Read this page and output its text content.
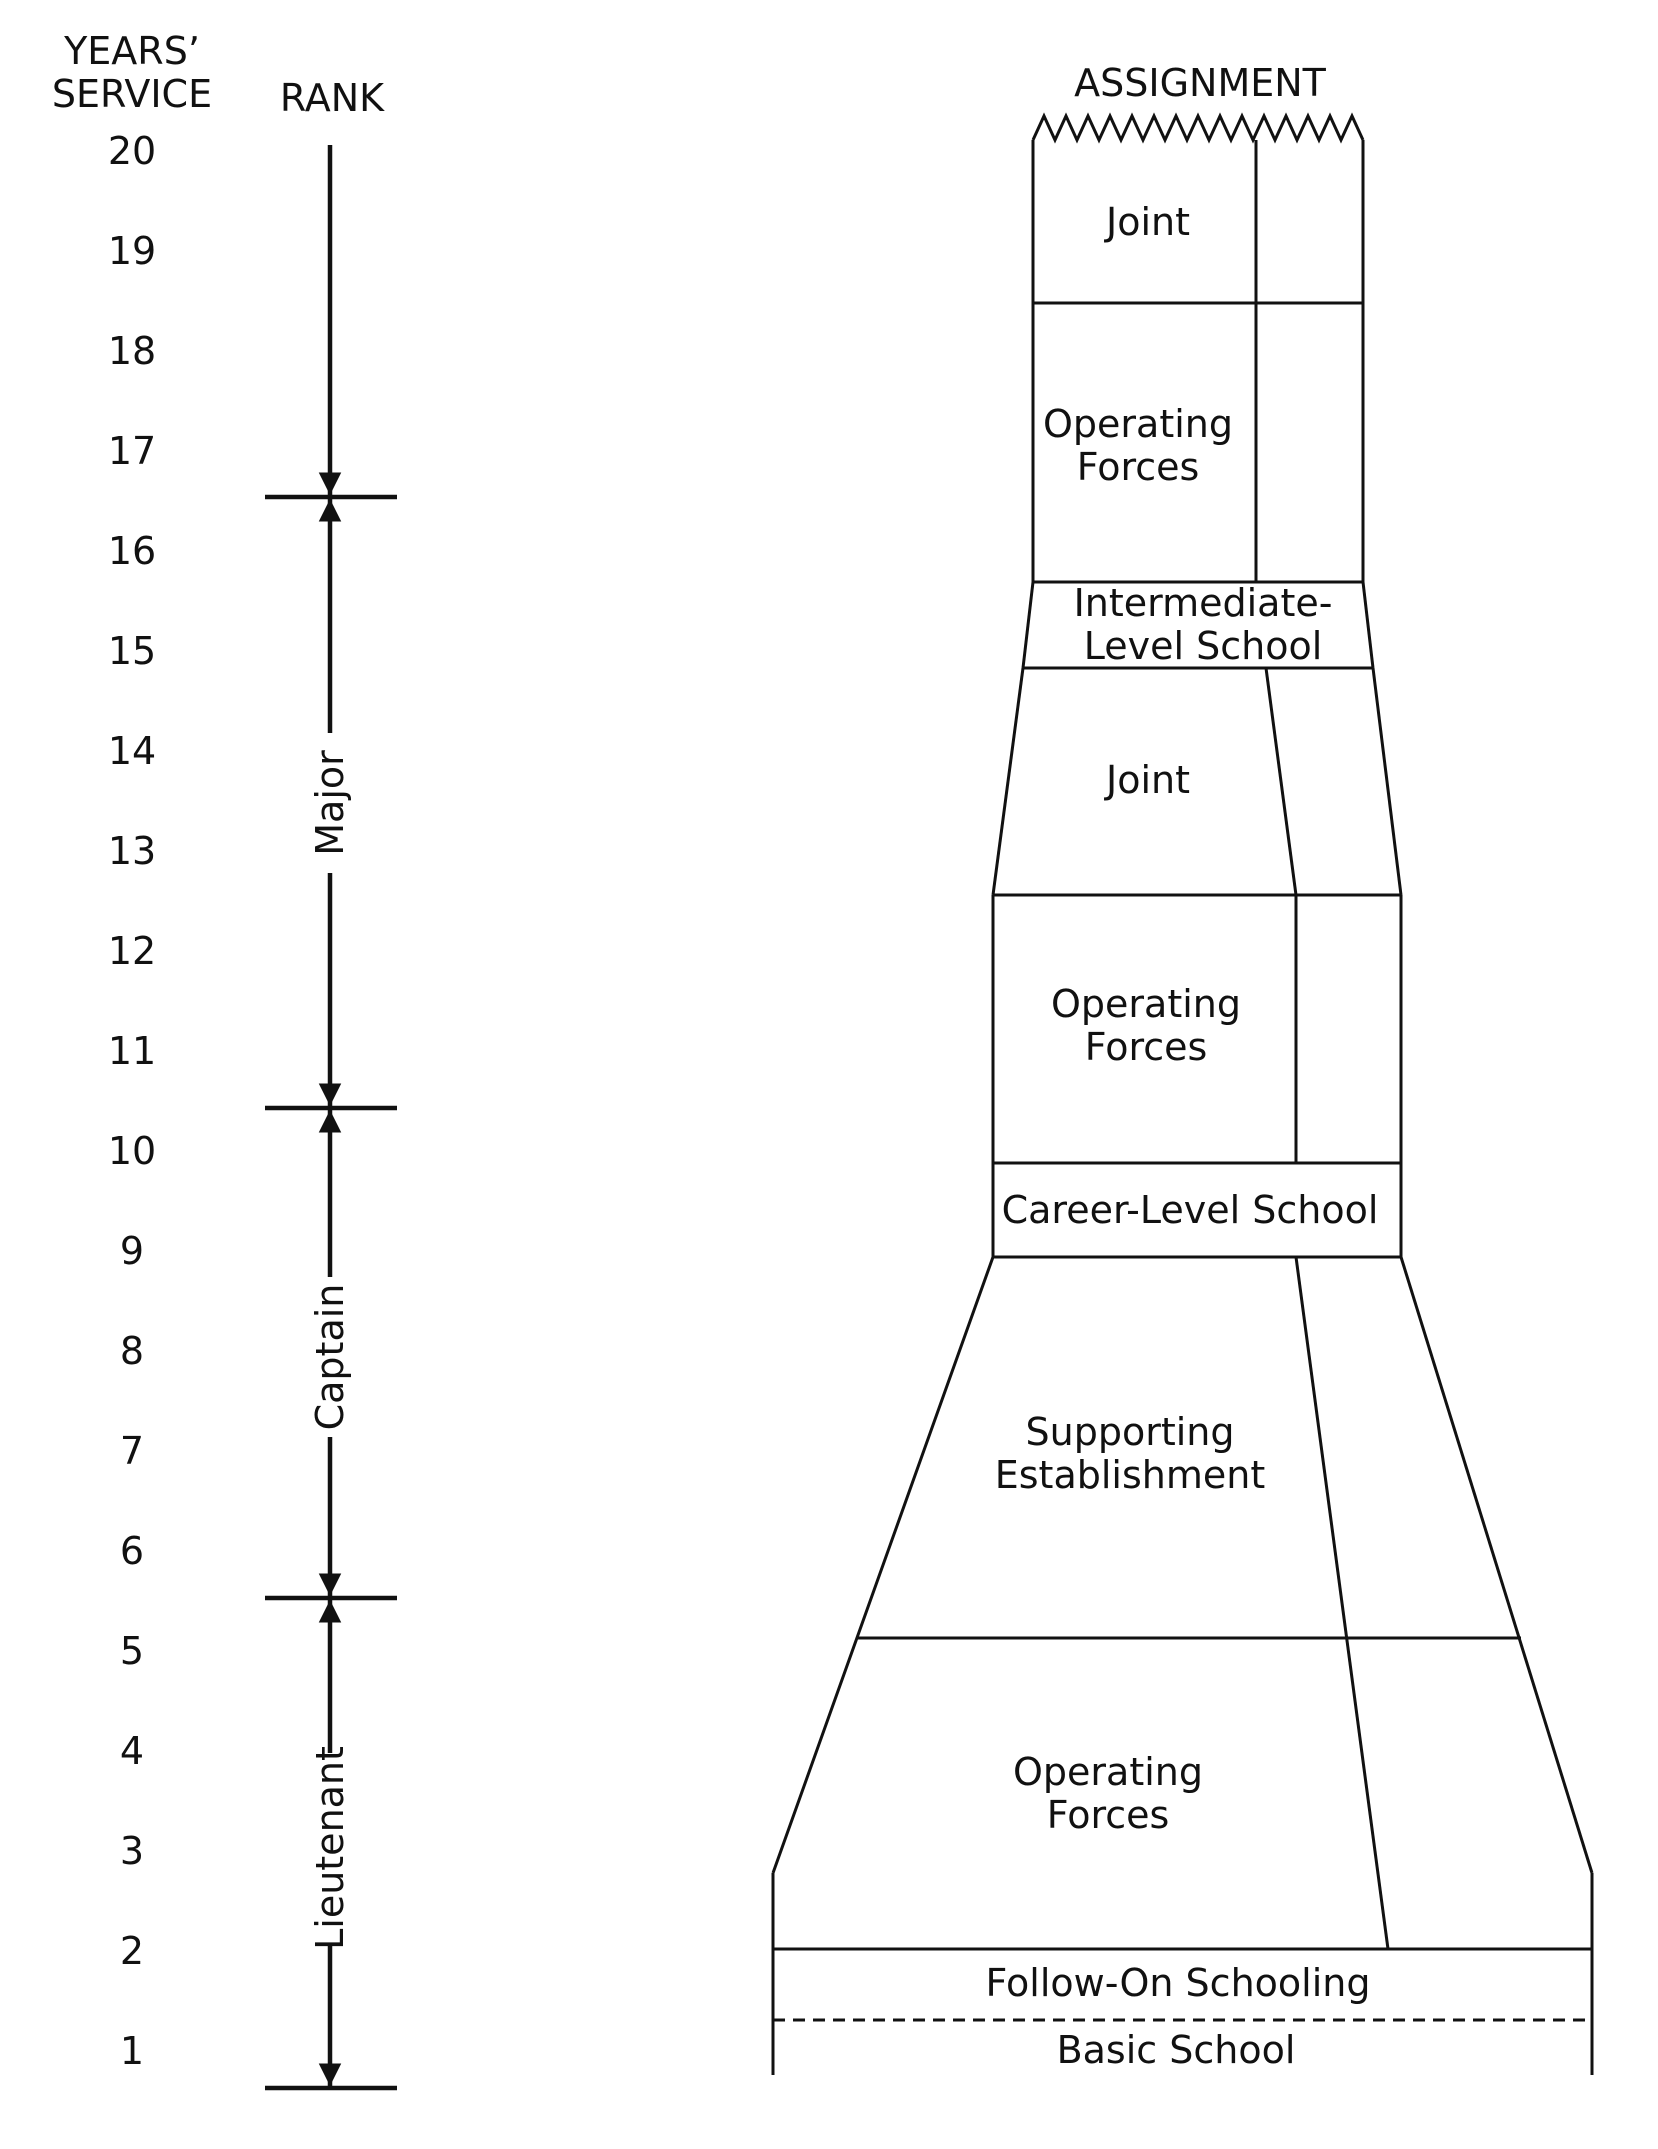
YEARS’
SERVICE RANK	ASSIGNMENT
20
19
18
17
16
15
14
13
12
11
10
9
8
7
6
5
4
3
2
1
Major
Captain
Lieutenant
Joint
Operating
Forces
Intermediate-
Level School
Joint
Operating
Forces
Career-Level School
Supporting
Establishment
Operating
Forces
Follow-On Schooling
Basic School
